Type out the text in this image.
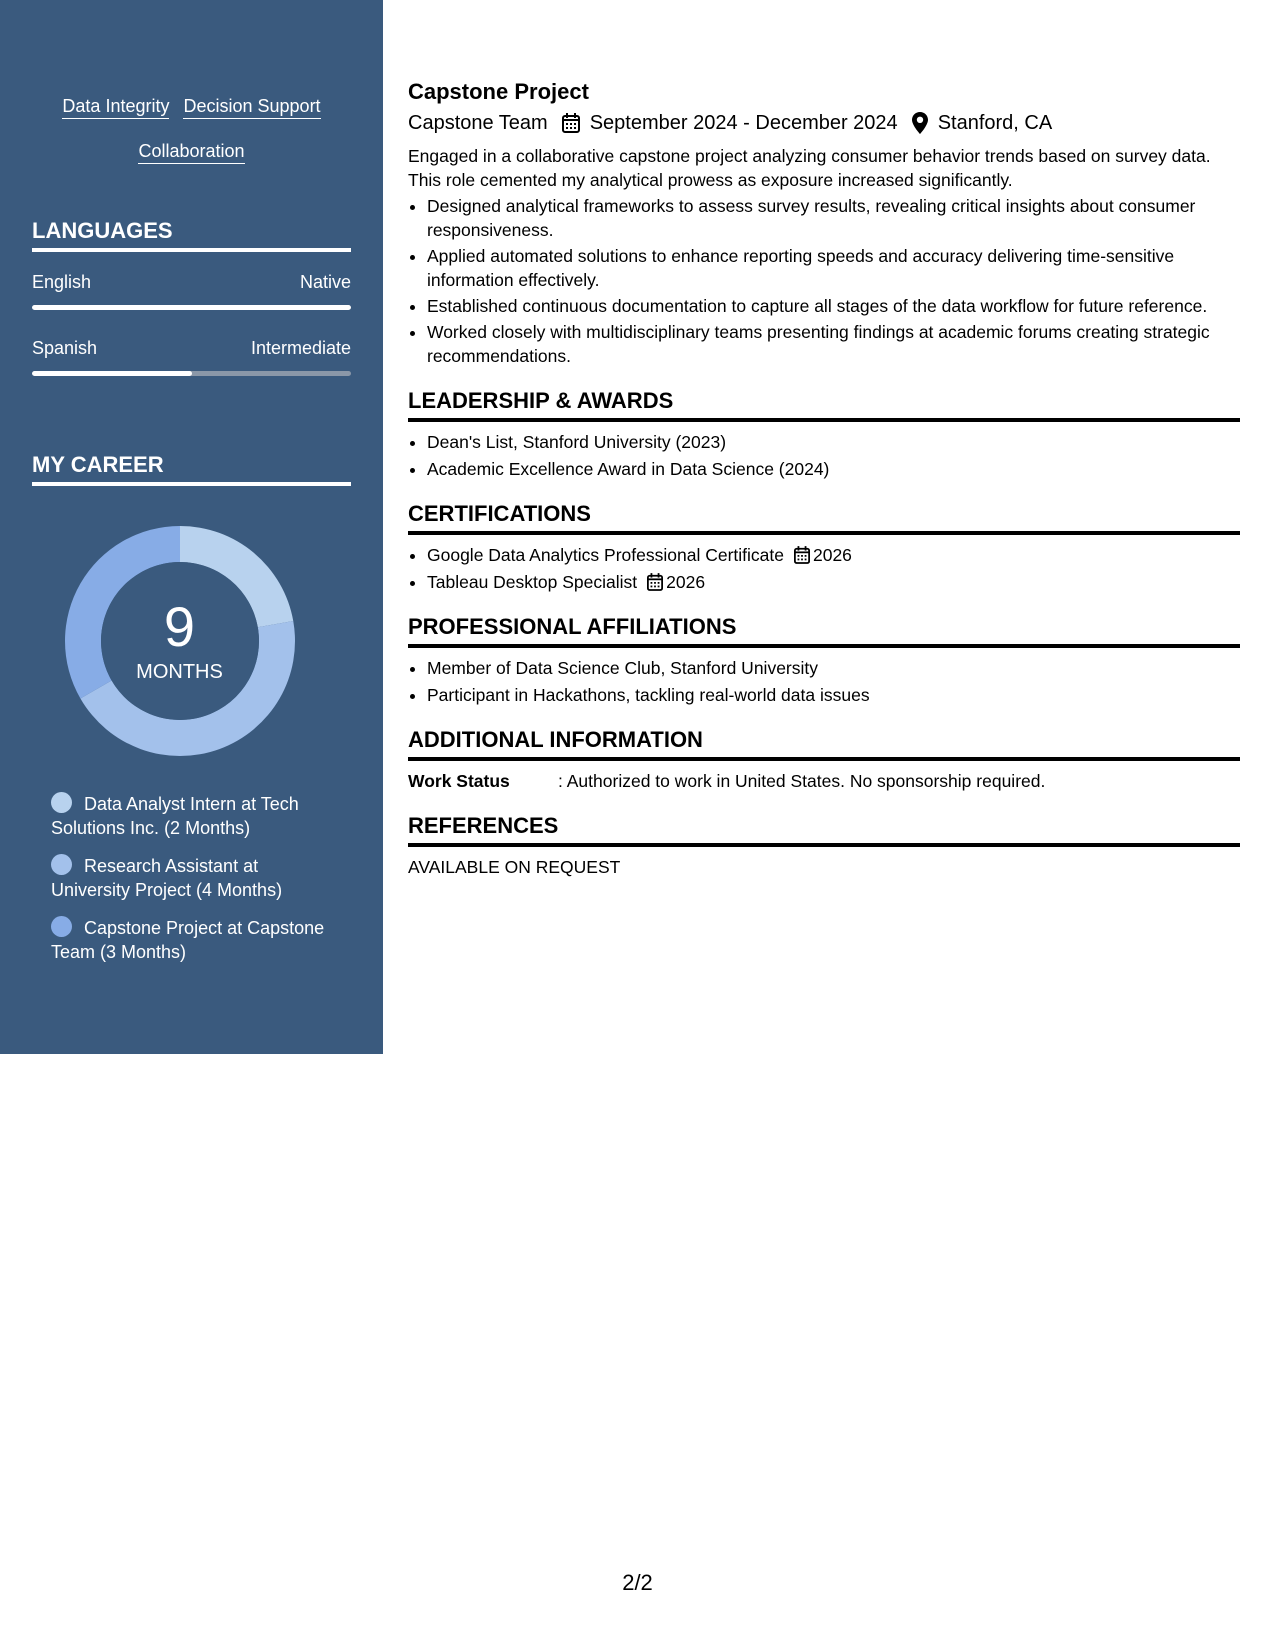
Data Integrity Decision Support
Collaboration
LANGUAGES
English	Native
Spanish	Intermediate
MY CAREER
9
MONTHS
Data Analyst Intern at Tech Solutions Inc. (2 Months)
Research Assistant at University Project (4 Months)
Capstone Project at Capstone Team (3 Months)
Capstone Project
Capstone Team September 2024 - December 2024 Stanford, CA
Engaged in a collaborative capstone project analyzing consumer behavior trends based on survey data. This role cemented my analytical prowess as exposure increased significantly.
• Designed analytical frameworks to assess survey results, revealing critical insights about consumer responsiveness.
• Applied automated solutions to enhance reporting speeds and accuracy delivering time-sensitive information effectively.
• Established continuous documentation to capture all stages of the data workflow for future reference.
• Worked closely with multidisciplinary teams presenting findings at academic forums creating strategic recommendations.
LEADERSHIP & AWARDS
• Dean's List, Stanford University (2023)
• Academic Excellence Award in Data Science (2024)
CERTIFICATIONS
• Google Data Analytics Professional Certificate 2026
• Tableau Desktop Specialist 2026
PROFESSIONAL AFFILIATIONS
• Member of Data Science Club, Stanford University
• Participant in Hackathons, tackling real-world data issues
ADDITIONAL INFORMATION
Work Status	: Authorized to work in United States. No sponsorship required.
REFERENCES
AVAILABLE ON REQUEST
2/2
